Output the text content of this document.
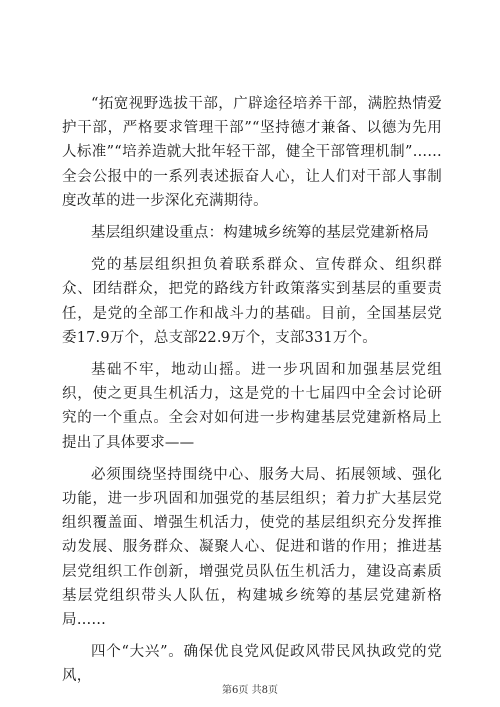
“拓宽视野选拔干部，广辟途径培养干部，满腔热情爱护干部，严格要求管理干部”“坚持德才兼备、以德为先用人标准”“培养造就大批年轻干部，健全干部管理机制”……全会公报中的一系列表述振奋人心，让人们对干部人事制度改革的进一步深化充满期待。

基层组织建设重点：构建城乡统筹的基层党建新格局

党的基层组织担负着联系群众、宣传群众、组织群众、团结群众，把党的路线方针政策落实到基层的重要责任，是党的全部工作和战斗力的基础。目前，全国基层党委17.9万个，总支部22.9万个，支部331万个。

基础不牢，地动山摇。进一步巩固和加强基层党组织，使之更具生机活力，这是党的十七届四中全会讨论研究的一个重点。全会对如何进一步构建基层党建新格局上提出了具体要求——

必须围绕坚持围绕中心、服务大局、拓展领域、强化功能，进一步巩固和加强党的基层组织；着力扩大基层党组织覆盖面、增强生机活力，使党的基层组织充分发挥推动发展、服务群众、凝聚人心、促进和谐的作用；推进基层党组织工作创新，增强党员队伍生机活力，建设高素质基层党组织带头人队伍，构建城乡统筹的基层党建新格局……

四个“大兴”。确保优良党风促政风带民风执政党的党风，

第6页 共8页
